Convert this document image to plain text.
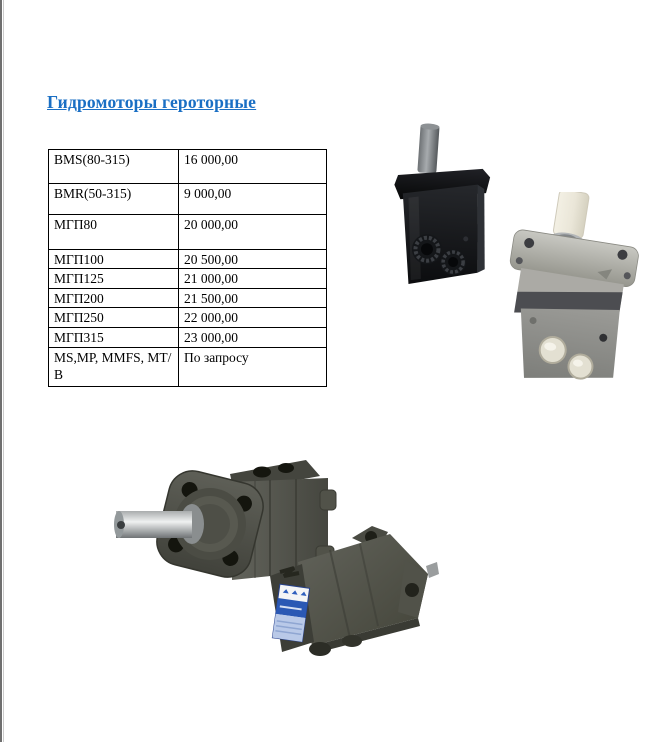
Гидромоторы героторные
BMS(80-315)	16 000,00
BMR(50-315)	9 000,00
МГП80	20 000,00
МГП100	20 500,00
МГП125	21 000,00
МГП200	21 500,00
МГП250	22 000,00
МГП315	23 000,00
MS,MP, MMFS, МТ/В	По запросу
